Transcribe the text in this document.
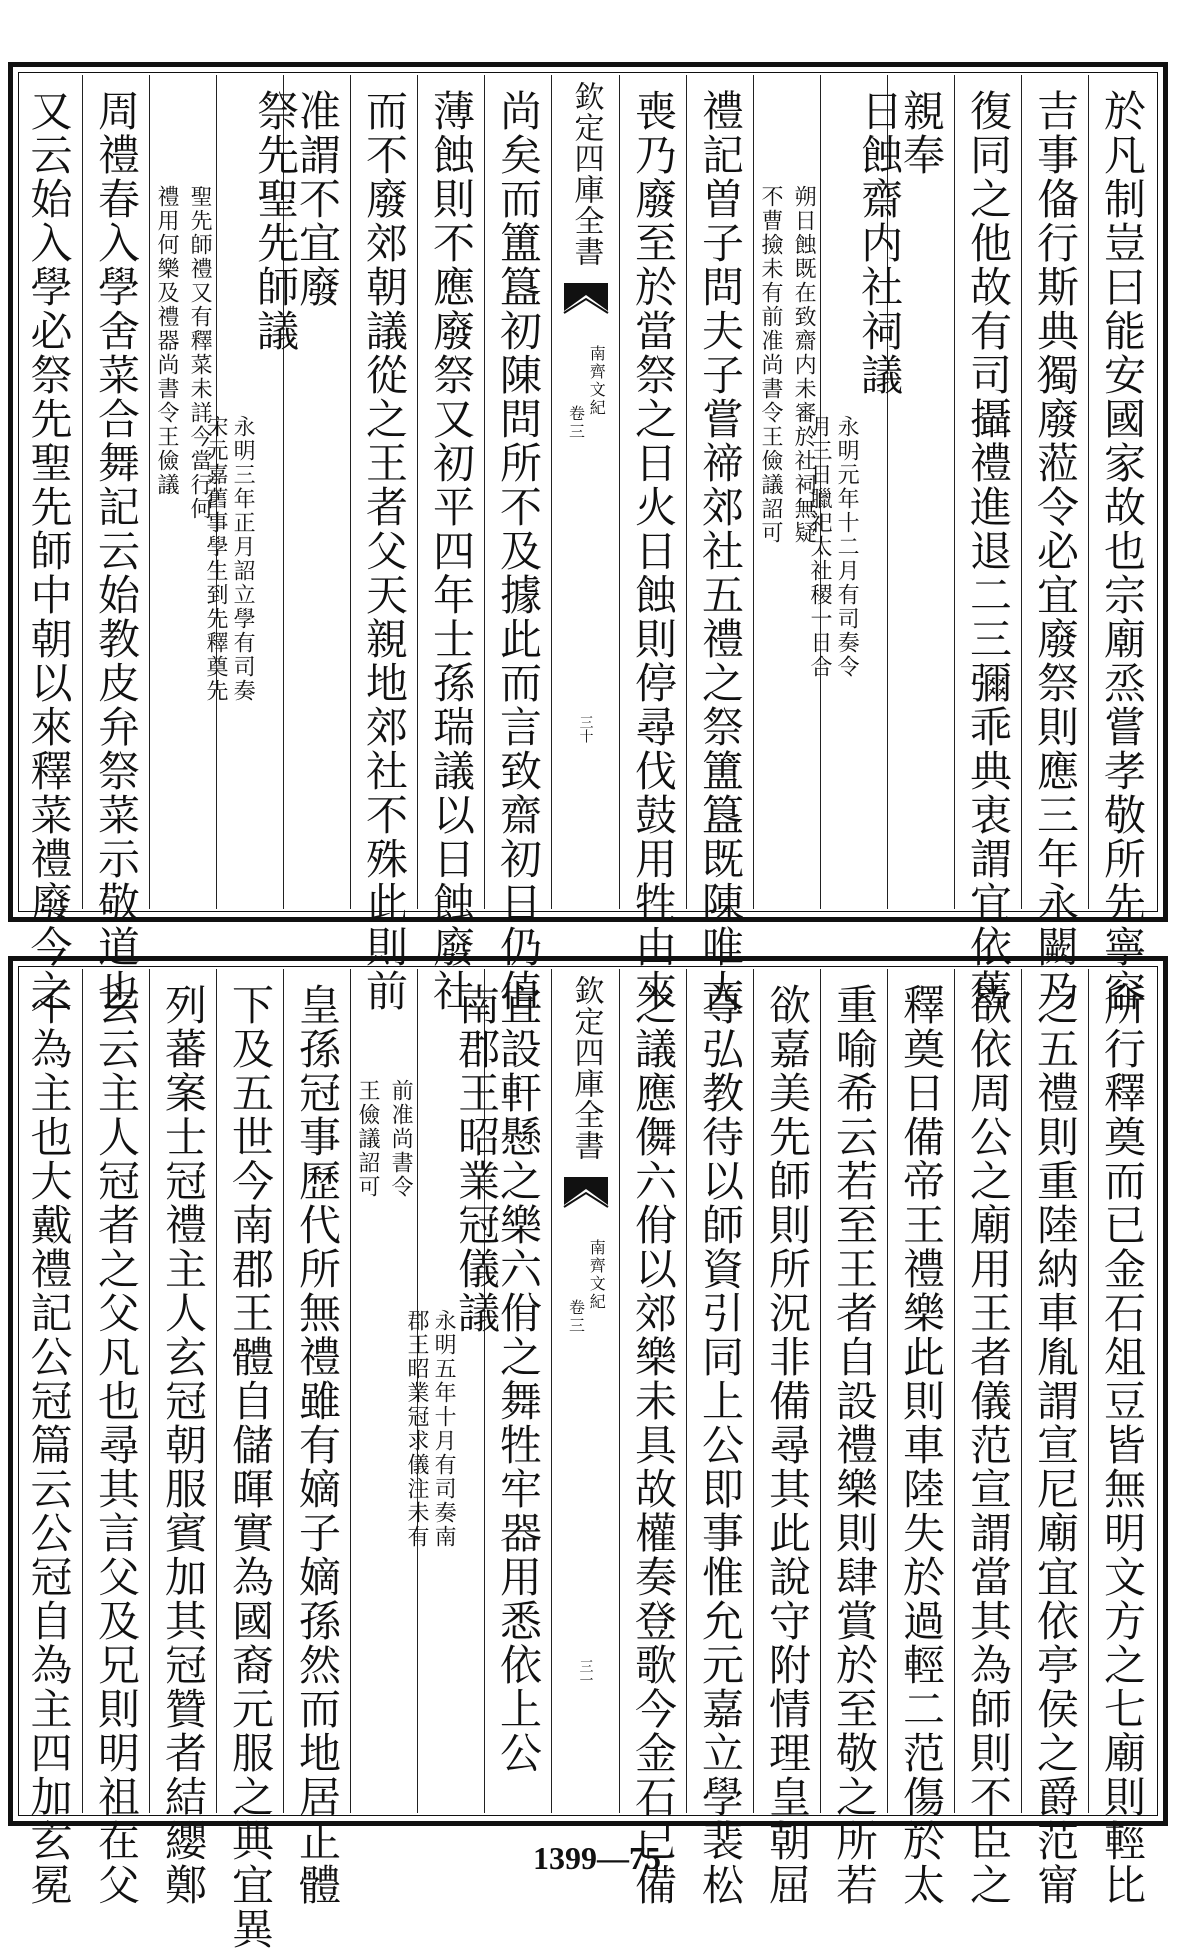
於凡制豈曰能安國家故也宗廟烝嘗孝敬所先寧容
吉事俻行斯典獨廢蒞令必宜廢祭則應三年永闕乃
復同之他故有司攝禮進退二三彌乖典衷謂宜依舊
親奉
日蝕齋内社祠議
永明元年十二月有司奏令
月三日臘祀太社稷一日合
朔日蝕既在致齋内未審於社祠無疑
不曹撿未有前准尚書令王儉議詔可
禮記曽子問夫子嘗禘郊社五禮之祭簠簋既陳唯大
喪乃廢至於當祭之日火日蝕則停尋伐鼓用牲由來
欽定四庫全書
南齊文紀
卷三
三十
尚矣而簠簋初陳問所不及據此而言致齋初日仍值
薄蝕則不應廢祭又初平四年士孫瑞議以日蝕廢社
而不廢郊朝議從之王者父天親地郊社不殊此則前
准謂不宜廢
祭先聖先師議
永明三年正月詔立學有司奏
宋元嘉舊事學生到先釋奠先
聖先師禮又有釋菜未詳今當行何
禮用何樂及禮器尚書令王儉議
周禮春入學舍菜合舞記云始教皮弁祭菜示敬道也
又云始入學必祭先聖先師中朝以來釋菜禮廢今之
所行釋奠而已金石俎豆皆無明文方之七廟則輕比
之五禮則重陸納車胤謂宣尼廟宜依亭侯之爵范甯
欲依周公之廟用王者儀范宣謂當其為師則不臣之
釋奠日備帝王禮樂此則車陸失於過輕二范傷於太
重喻希云若至王者自設禮樂則肆賞於至敬之所若
欲嘉美先師則所況非備尋其此說守附情理皇朝屈
尊弘教待以師資引同上公即事惟允元嘉立學裴松
之議應儛六佾以郊樂未具故權奏登歌今金石已備
欽定四庫全書
南齊文紀
卷三
三一
宜設軒懸之樂六佾之舞牲牢器用悉依上公
南郡王昭業冠儀議
永明五年十月有司奏南
郡王昭業冠求儀注未有
前准尚書令
王儉議詔可
皇孫冠事歷代所無禮雖有嫡子嫡孫然而地居正體
下及五世今南郡王體自儲暉實為國裔元服之典宜異
列蕃案士冠禮主人玄冠朝服賓加其冠贊者結纓鄭
玄云主人冠者之父凡也尋其言父及兄則明祖在父
不為主也大戴禮記公冠篇云公冠自為主四加玄冕	1399—75
